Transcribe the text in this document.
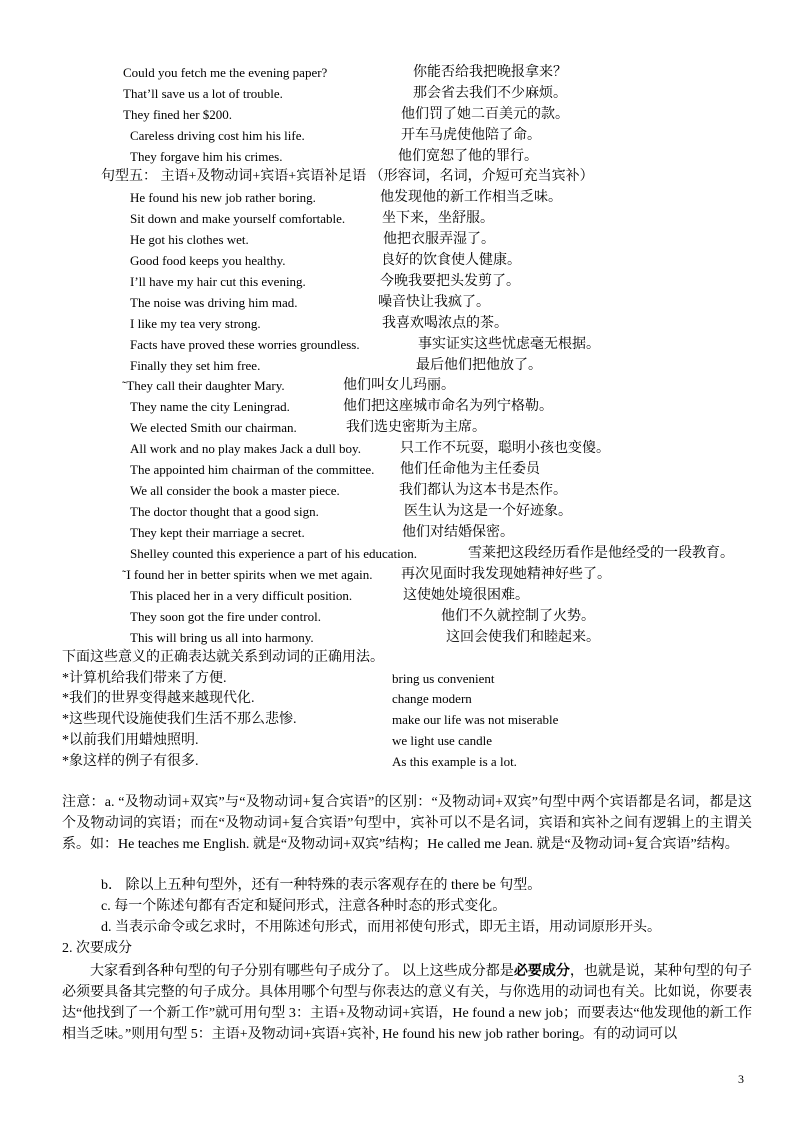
Could you fetch me the evening paper?	你能否给我把晚报拿来？
That’ll save us a lot of trouble.	那会省去我们不少麻烦。
They fined her $200.	他们罚了她二百美元的款。
Careless driving cost him his life.	开车马虎使他陪了命。
They forgave him his crimes.	他们宽恕了他的罪行。
句型五： 主语+及物动词+宾语+宾语补足语 （形容词，名词，介短可充当宾补）
He found his new job rather boring.	他发现他的新工作相当乏味。
Sit down and make yourself comfortable.	坐下来，坐舒服。
He got his clothes wet.	他把衣服弄湿了。
Good food keeps you healthy.	良好的饮食使人健康。
I’ll have my hair cut this evening.	今晚我要把头发剪了。
The noise was driving him mad.	噪音快让我疯了。
I like my tea very strong.	我喜欢喝浓点的茶。
Facts have proved these worries groundless.	事实证实这些忧虑毫无根据。
Finally they set him free.	最后他们把他放了。
˜They call their daughter Mary.	他们叫女儿玛丽。
They name the city Leningrad.	他们把这座城市命名为列宁格勒。
We elected Smith our chairman.	我们选史密斯为主席。
All work and no play makes Jack a dull boy.	只工作不玩耍，聪明小孩也变傻。
The appointed him chairman of the committee. 他们任命他为主任委员
We all consider the book a master piece.	我们都认为这本书是杰作。
The doctor thought that a good sign.	医生认为这是一个好迹象。
They kept their marriage a secret.	他们对结婚保密。
Shelley counted this experience a part of his education.	雪莱把这段经历看作是他经受的一段教育。
˜I found her in better spirits when we met again. 再次见面时我发现她精神好些了。
This placed her in a very difficult position.	这使她处境很困难。
They soon got the fire under control.	他们不久就控制了火势。
This will bring us all into harmony.	这回会使我们和睦起来。
下面这些意义的正确表达就关系到动词的正确用法。
*计算机给我们带来了方便.	bring us convenient
*我们的世界变得越来越现代化.	change modern
*这些现代设施使我们生活不那么悲惨.	make our life was not miserable
*以前我们用蜡烛照明.	we light use candle
*象这样的例子有很多.	As this example is a lot.
注意：a. “及物动词+双宾”与“及物动词+复合宾语”的区别：“及物动词+双宾”句型中两个宾语都是名词，都是这个及物动词的宾语；而在“及物动词+复合宾语”句型中，宾补可以不是名词，宾语和宾补之间有逻辑上的主谓关系。如：He teaches me English. 就是“及物动词+双宾”结构；He called me Jean. 就是“及物动词+复合宾语”结构。
b． 除以上五种句型外，还有一种特殊的表示客观存在的 there be 句型。
c. 每一个陈述句都有否定和疑问形式，注意各种时态的形式变化。
d. 当表示命令或乞求时，不用陈述句形式，而用祁使句形式，即无主语，用动词原形开头。
2. 次要成分
大家看到各种句型的句子分别有哪些句子成分了。 以上这些成分都是必要成分，也就是说，某种句型的句子必须要具备其完整的句子成分。具体用哪个句型与你表达的意义有关，与你选用的动词也有关。比如说，你要表达“他找到了一个新工作”就可用句型 3：主语+及物动词+宾语，He found a new job；而要表达“他发现他的新工作相当乏味。”则用句型 5：主语+及物动词+宾语+宾补, He found his new job rather boring。有的动词可以
3
